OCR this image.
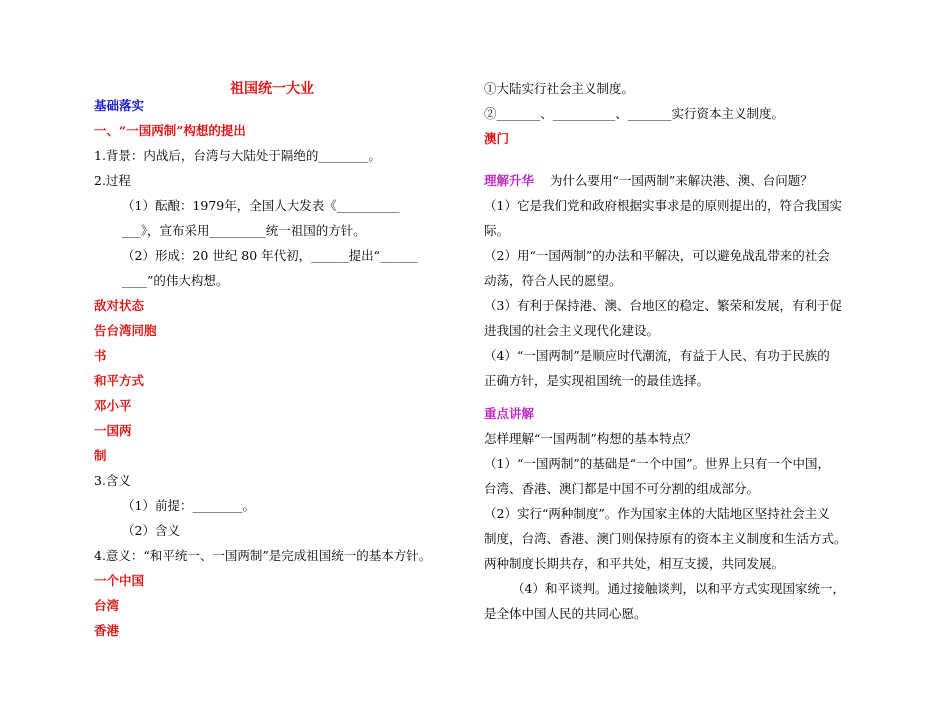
祖国统一大业
基础落实
一、“一国两制”构想的提出
1.背景：内战后，台湾与大陆处于隔绝的________。
2.过程
（1）酝酿：1979年，全国人大发表《__________
___》，宣布采用_________统一祖国的方针。
（2）形成：20 世纪 80 年代初，______提出“______
____”的伟大构想。
敌对状态
告台湾同胞
书
和平方式
邓小平
一国两
制
3.含义
（1）前提：________。
（2）含义
4.意义：“和平统一、一国两制”是完成祖国统一的基本方针。
一个中国
台湾
香港
①大陆实行社会主义制度。
②_______、__________、_______实行资本主义制度。
澳门
理解升华 为什么要用“一国两制”来解决港、澳、台问题？
（1）它是我们党和政府根据实事求是的原则提出的，符合我国实
际。
（2）用“一国两制”的办法和平解决，可以避免战乱带来的社会
动荡，符合人民的愿望。
（3）有利于保持港、澳、台地区的稳定、繁荣和发展，有利于促
进我国的社会主义现代化建设。
（4）“一国两制”是顺应时代潮流，有益于人民、有功于民族的
正确方针，是实现祖国统一的最佳选择。
重点讲解
怎样理解“一国两制”构想的基本特点？
（1）“一国两制”的基础是“一个中国”。世界上只有一个中国，
台湾、香港、澳门都是中国不可分割的组成部分。
（2）实行“两种制度”。作为国家主体的大陆地区坚持社会主义
制度，台湾、香港、澳门则保持原有的资本主义制度和生活方式。
两种制度长期共存，和平共处，相互支援，共同发展。
（4）和平谈判。通过接触谈判，以和平方式实现国家统一，
是全体中国人民的共同心愿。
